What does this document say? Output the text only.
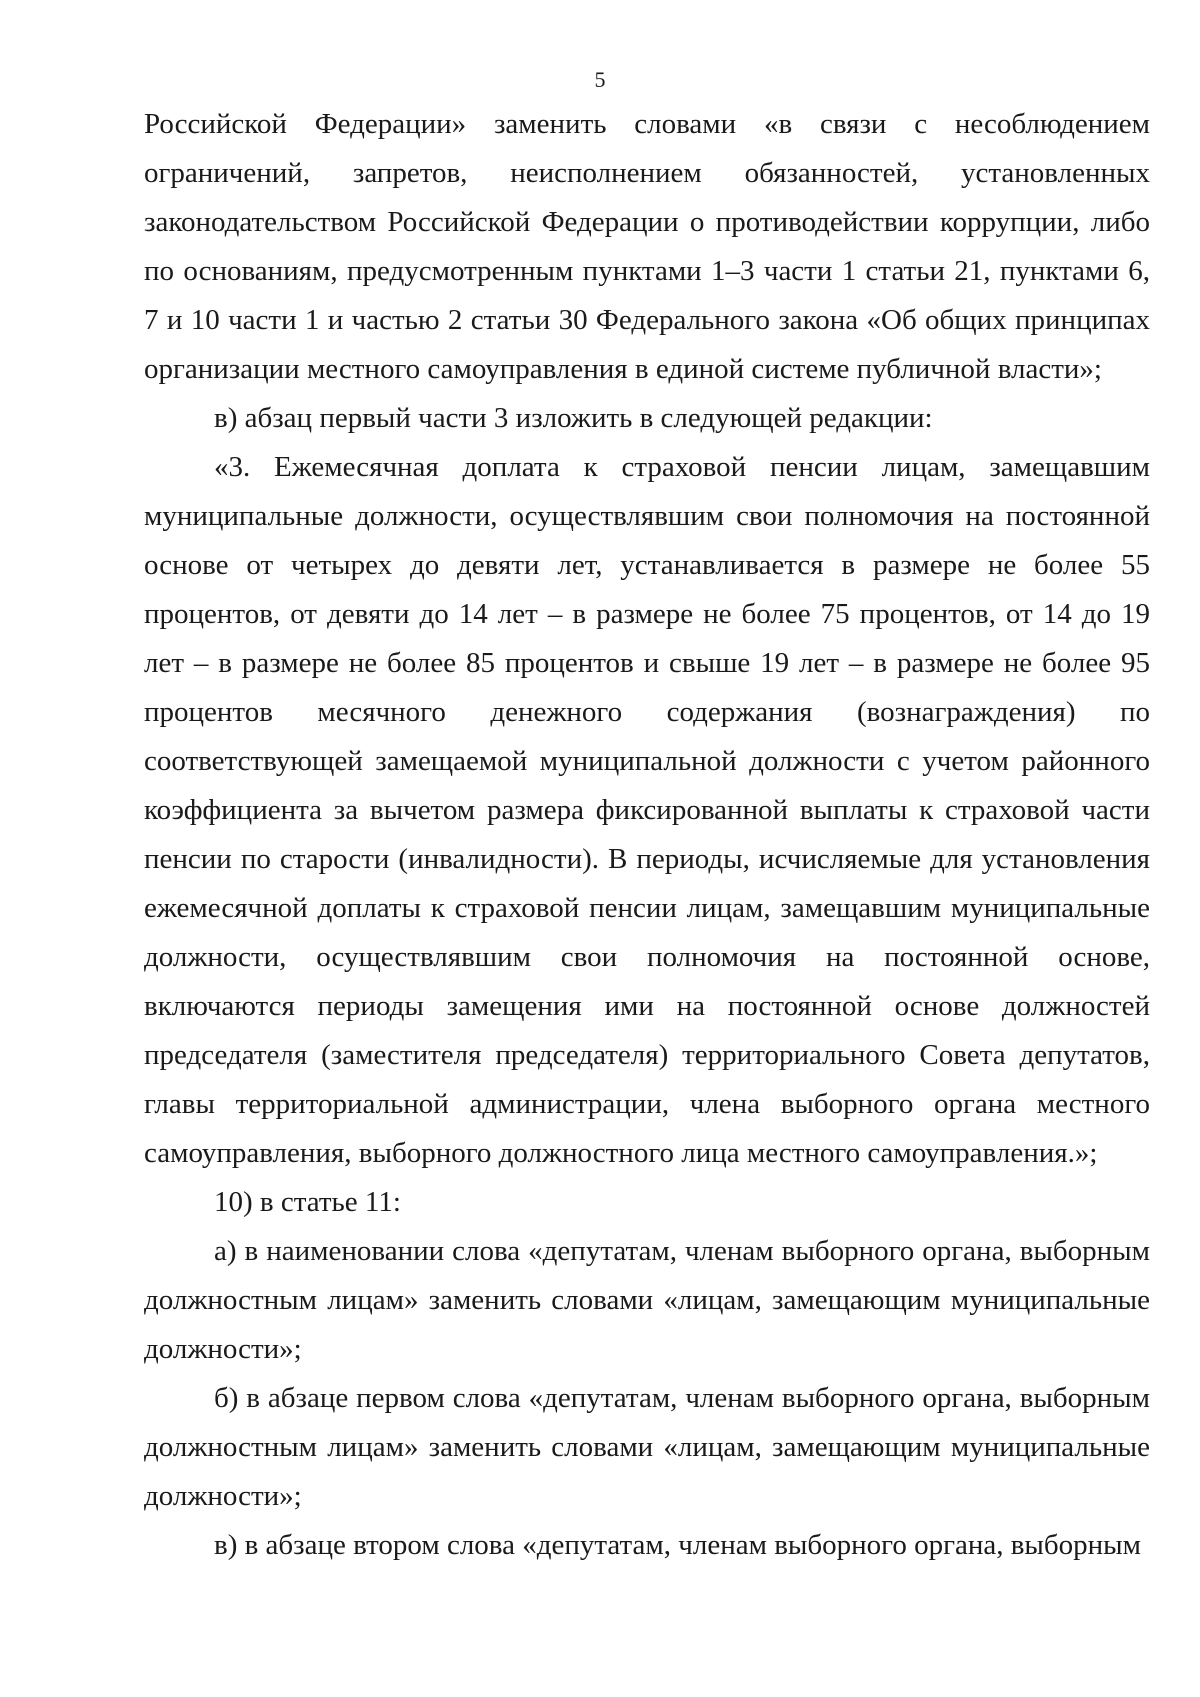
5

Российской Федерации» заменить словами «в связи с несоблюдением ограничений, запретов, неисполнением обязанностей, установленных законодательством Российской Федерации о противодействии коррупции, либо по основаниям, предусмотренным пунктами 1–3 части 1 статьи 21, пунктами 6, 7 и 10 части 1 и частью 2 статьи 30 Федерального закона «Об общих принципах организации местного самоуправления в единой системе публичной власти»;

в) абзац первый части 3 изложить в следующей редакции:

«3. Ежемесячная доплата к страховой пенсии лицам, замещавшим муниципальные должности, осуществлявшим свои полномочия на постоянной основе от четырех до девяти лет, устанавливается в размере не более 55 процентов, от девяти до 14 лет – в размере не более 75 процентов, от 14 до 19 лет – в размере не более 85 процентов и свыше 19 лет – в размере не более 95 процентов месячного денежного содержания (вознаграждения) по соответствующей замещаемой муниципальной должности с учетом районного коэффициента за вычетом размера фиксированной выплаты к страховой части пенсии по старости (инвалидности). В периоды, исчисляемые для установления ежемесячной доплаты к страховой пенсии лицам, замещавшим муниципальные должности, осуществлявшим свои полномочия на постоянной основе, включаются периоды замещения ими на постоянной основе должностей председателя (заместителя председателя) территориального Совета депутатов, главы территориальной администрации, члена выборного органа местного самоуправления, выборного должностного лица местного самоуправления.»;

10) в статье 11:

а) в наименовании слова «депутатам, членам выборного органа, выборным должностным лицам» заменить словами «лицам, замещающим муниципальные должности»;

б) в абзаце первом слова «депутатам, членам выборного органа, выборным должностным лицам» заменить словами «лицам, замещающим муниципальные должности»;

в) в абзаце втором слова «депутатам, членам выборного органа, выборным
